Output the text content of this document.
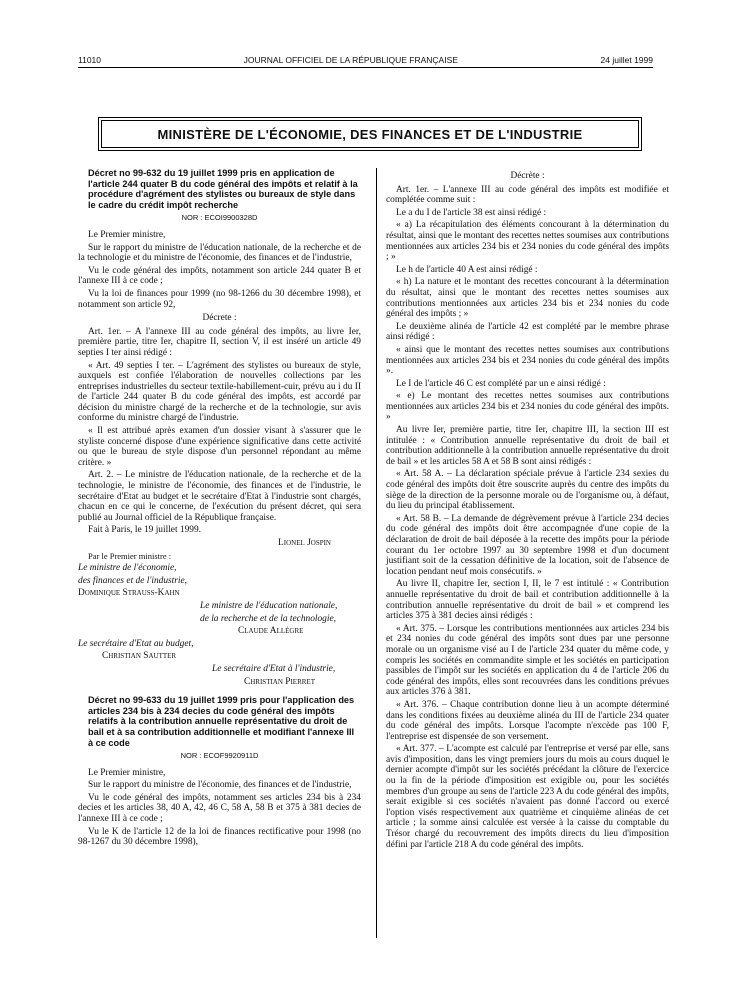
11010	JOURNAL OFFICIEL DE LA RÉPUBLIQUE FRANÇAISE	24 juillet 1999
MINISTÈRE DE L'ÉCONOMIE, DES FINANCES ET DE L'INDUSTRIE

Décret no 99-632 du 19 juillet 1999 pris en application de l'article 244 quater B du code général des impôts et relatif à la procédure d'agrément des stylistes ou bureaux de style dans le cadre du crédit impôt recherche

NOR : ECOI9900328D

Le Premier ministre,

Sur le rapport du ministre de l'éducation nationale, de la recherche et de la technologie et du ministre de l'économie, des finances et de l'industrie,

Vu le code général des impôts, notamment son article 244 quater B et l'annexe III à ce code ;

Vu la loi de finances pour 1999 (no 98-1266 du 30 décembre 1998), et notamment son article 92,

Décrete :

Art. 1er. – A l'annexe III au code général des impôts, au livre Ier, première partie, titre Ier, chapitre II, section V, il est inséré un article 49 septies I ter ainsi rédigé :

« Art. 49 septies I ter. – L'agrément des stylistes ou bureaux de style, auxquels est confiée l'élaboration de nouvelles collections par les entreprises industrielles du secteur textile-habillement-cuir, prévu au i du II de l'article 244 quater B du code général des impôts, est accordé par décision du ministre chargé de la recherche et de la technologie, sur avis conforme du ministre chargé de l'industrie.

« Il est attribué après examen d'un dossier visant à s'assurer que le styliste concerné dispose d'une expérience significative dans cette activité ou que le bureau de style dispose d'un personnel répondant au même critère. »

Art. 2. – Le ministre de l'éducation nationale, de la recherche et de la technologie, le ministre de l'économie, des finances et de l'industrie, le secrétaire d'Etat au budget et le secrétaire d'Etat à l'industrie sont chargés, chacun en ce qui le concerne, de l'exécution du présent décret, qui sera publié au Journal officiel de la République française.

Fait à Paris, le 19 juillet 1999.

Lionel Jospin

Par le Premier ministre :

Le ministre de l'économie,

des finances et de l'industrie,

Dominique Strauss-Kahn

Le ministre de l'éducation nationale,

de la recherche et de la technologie,

Claude Allègre

Le secrétaire d'Etat au budget,

Christian Sautter

Le secrétaire d'Etat à l'industrie,

Christian Pierret

Décret no 99-633 du 19 juillet 1999 pris pour l'application des articles 234 bis à 234 decies du code général des impôts relatifs à la contribution annuelle représentative du droit de bail et à sa contribution additionnelle et modifiant l'annexe III à ce code

NOR : ECOF9920911D

Le Premier ministre,

Sur le rapport du ministre de l'économie, des finances et de l'industrie,

Vu le code général des impôts, notamment ses articles 234 bis à 234 decies et les articles 38, 40 A, 42, 46 C, 58 A, 58 B et 375 à 381 decies de l'annexe III à ce code ;

Vu le K de l'article 12 de la loi de finances rectificative pour 1998 (no 98-1267 du 30 décembre 1998),

Décrète :

Art. 1er. – L'annexe III au code général des impôts est modifiée et complétée comme suit :

Le a du I de l'article 38 est ainsi rédigé :

« a) La récapitulation des éléments concourant à la détermination du résultat, ainsi que le montant des recettes nettes soumises aux contributions mentionnées aux articles 234 bis et 234 nonies du code général des impôts ; »

Le h de l'article 40 A est ainsi rédigé :

« h) La nature et le montant des recettes concourant à la détermination du résultat, ainsi que le montant des recettes nettes soumises aux contributions mentionnées aux articles 234 bis et 234 nonies du code général des impôts ; »

Le deuxième alinéa de l'article 42 est complété par le membre phrase ainsi rédigé :

« ainsi que le montant des recettes nettes soumises aux contributions mentionnées aux articles 234 bis et 234 nonies du code général des impôts ».

Le I de l'article 46 C est complété par un e ainsi rédigé :

« e) Le montant des recettes nettes soumises aux contributions mentionnées aux articles 234 bis et 234 nonies du code général des impôts. »

Au livre Ier, première partie, titre Ier, chapitre III, la section III est intitulée : « Contribution annuelle représentative du droit de bail et contribution additionnelle à la contribution annuelle représentative du droit de bail » et les articles 58 A et 58 B sont ainsi rédigés :

« Art. 58 A. – La déclaration spéciale prévue à l'article 234 sexies du code général des impôts doit être souscrite auprès du centre des impôts du siège de la direction de la personne morale ou de l'organisme ou, à défaut, du lieu du principal établissement.

« Art. 58 B. – La demande de dégrèvement prévue à l'article 234 decies du code général des impôts doit être accompagnée d'une copie de la déclaration de droit de bail déposée à la recette des impôts pour la période courant du 1er octobre 1997 au 30 septembre 1998 et d'un document justifiant soit de la cessation définitive de la location, soit de l'absence de location pendant neuf mois consécutifs. »

Au livre II, chapitre Ier, section I, II, le 7 est intitulé : « Contribution annuelle représentative du droit de bail et contribution additionnelle à la contribution annuelle représentative du droit de bail » et comprend les articles 375 à 381 decies ainsi rédigés :

« Art. 375. – Lorsque les contributions mentionnées aux articles 234 bis et 234 nonies du code général des impôts sont dues par une personne morale ou un organisme visé au I de l'article 234 quater du même code, y compris les sociétés en commandite simple et les sociétés en participation passibles de l'impôt sur les sociétés en application du 4 de l'article 206 du code général des impôts, elles sont recouvrées dans les conditions prévues aux articles 376 à 381.

« Art. 376. – Chaque contribution donne lieu à un acompte déterminé dans les conditions fixées au deuxième alinéa du III de l'article 234 quater du code général des impôts. Lorsque l'acompte n'excède pas 100 F, l'entreprise est dispensée de son versement.

« Art. 377. – L'acompte est calculé par l'entreprise et versé par elle, sans avis d'imposition, dans les vingt premiers jours du mois au cours duquel le dernier acompte d'impôt sur les sociétés précédant la clôture de l'exercice ou la fin de la période d'imposition est exigible ou, pour les sociétés membres d'un groupe au sens de l'article 223 A du code général des impôts, serait exigible si ces sociétés n'avaient pas donné l'accord ou exercé l'option visés respectivement aux quatrième et cinquième alinéas de cet article ; la somme ainsi calculée est versée à la caisse du comptable du Trésor chargé du recouvrement des impôts directs du lieu d'imposition défini par l'article 218 A du code général des impôts.
